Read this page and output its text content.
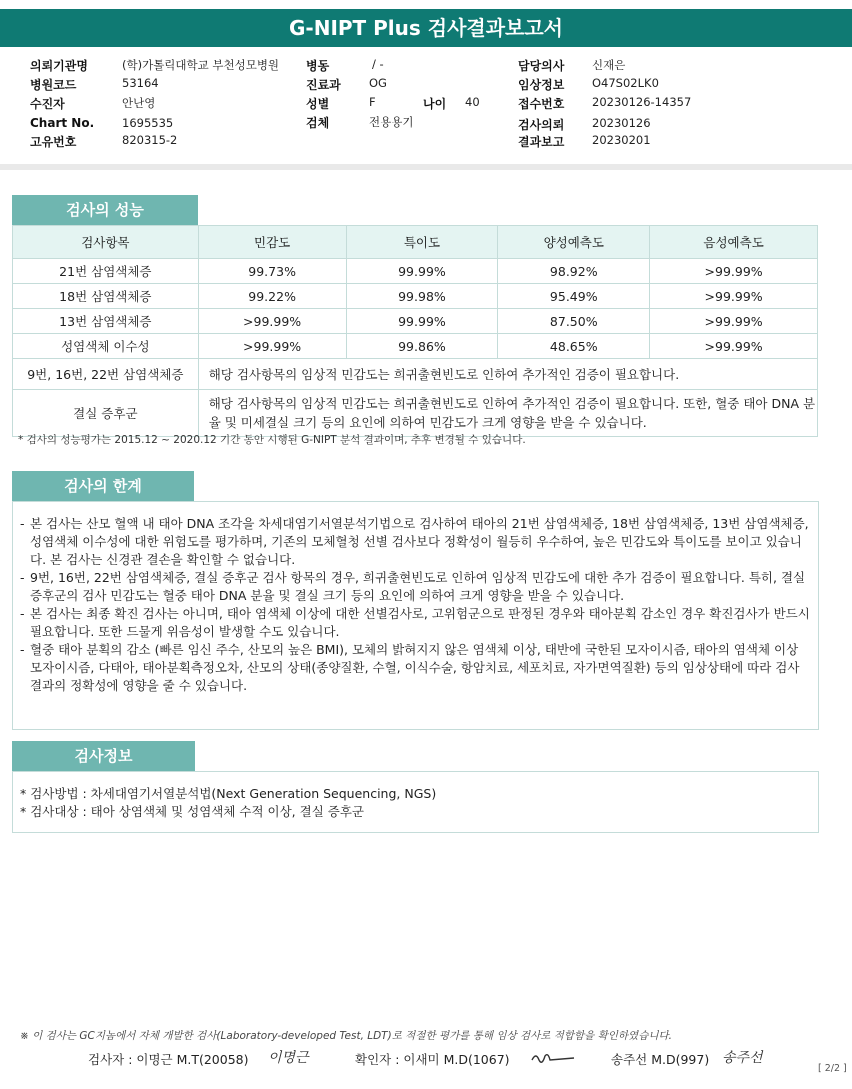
G-NIPT Plus 검사결과보고서
의뢰기관명	(학)가톨릭대학교 부천성모병원
병원코드	53164
수진자	안난영
Chart No. 1695535
고유번호	820315-2
병동	/ -
진료과 OG
성별	F	나이 40
검체	전용용기
담당의사 신재은
임상정보 O47S02LK0
접수번호 20230126-14357
검사의뢰 20230126
결과보고 20230201
검사의 성능
검사항목	민감도	특이도	양성예측도	음성예측도
21번 삼염색체증	99.73%	99.99%	98.92%	>99.99%
18번 삼염색체증	99.22%	99.98%	95.49%	>99.99%
13번 삼염색체증	>99.99%	99.99%	87.50%	>99.99%
성염색체 이수성	>99.99%	99.86%	48.65%	>99.99%
9번, 16번, 22번 삼염색체증	해당 검사항목의 임상적 민감도는 희귀출현빈도로 인하여 추가적인 검증이 필요합니다.			
결실 증후군	해당 검사항목의 임상적 민감도는 희귀출현빈도로 인하여 추가적인 검증이 필요합니다. 또한, 혈중 태아 DNA 분율 및 미세결실 크기 등의 요인에 의하여 민감도가 크게 영향을 받을 수 있습니다.			
* 검사의 성능평가는 2015.12 ~ 2020.12 기간 동안 시행된 G-NIPT 분석 결과이며, 추후 변경될 수 있습니다.
검사의 한계
- 본 검사는 산모 혈액 내 태아 DNA 조각을 차세대염기서열분석기법으로 검사하여 태아의 21번 삼염색체증, 18번 삼염색체증, 13번 삼염색체증, 성염색체 이수성에 대한 위험도를 평가하며, 기존의 모체혈청 선별 검사보다 정확성이 월등히 우수하여, 높은 민감도와 특이도를 보이고 있습니다. 본 검사는 신경관 결손을 확인할 수 없습니다.
- 9번, 16번, 22번 삼염색체증, 결실 증후군 검사 항목의 경우, 희귀출현빈도로 인하여 임상적 민감도에 대한 추가 검증이 필요합니다. 특히, 결실 증후군의 검사 민감도는 혈중 태아 DNA 분율 및 결실 크기 등의 요인에 의하여 크게 영향을 받을 수 있습니다.
- 본 검사는 최종 확진 검사는 아니며, 태아 염색체 이상에 대한 선별검사로, 고위험군으로 판정된 경우와 태아분획 감소인 경우 확진검사가 반드시 필요합니다. 또한 드물게 위음성이 발생할 수도 있습니다.
- 혈중 태아 분획의 감소 (빠른 임신 주수, 산모의 높은 BMI), 모체의 밝혀지지 않은 염색체 이상, 태반에 국한된 모자이시즘, 태아의 염색체 이상 모자이시즘, 다태아, 태아분획측정오차, 산모의 상태(종양질환, 수혈, 이식수술, 항암치료, 세포치료, 자가면역질환) 등의 임상상태에 따라 검사결과의 정확성에 영향을 줄 수 있습니다.
검사정보
* 검사방법 : 차세대염기서열분석법(Next Generation Sequencing, NGS)
* 검사대상 : 태아 상염색체 및 성염색체 수적 이상, 결실 증후군
※ 이 검사는 GC지놈에서 자체 개발한 검사(Laboratory-developed Test, LDT)로 적절한 평가를 통해 임상 검사로 적합함을 확인하였습니다.
검사자 : 이명근 M.T(20058) 이명근	확인자 : 이새미 M.D(1067)	송주선 M.D(997) 송주선
[ 2/2 ]
